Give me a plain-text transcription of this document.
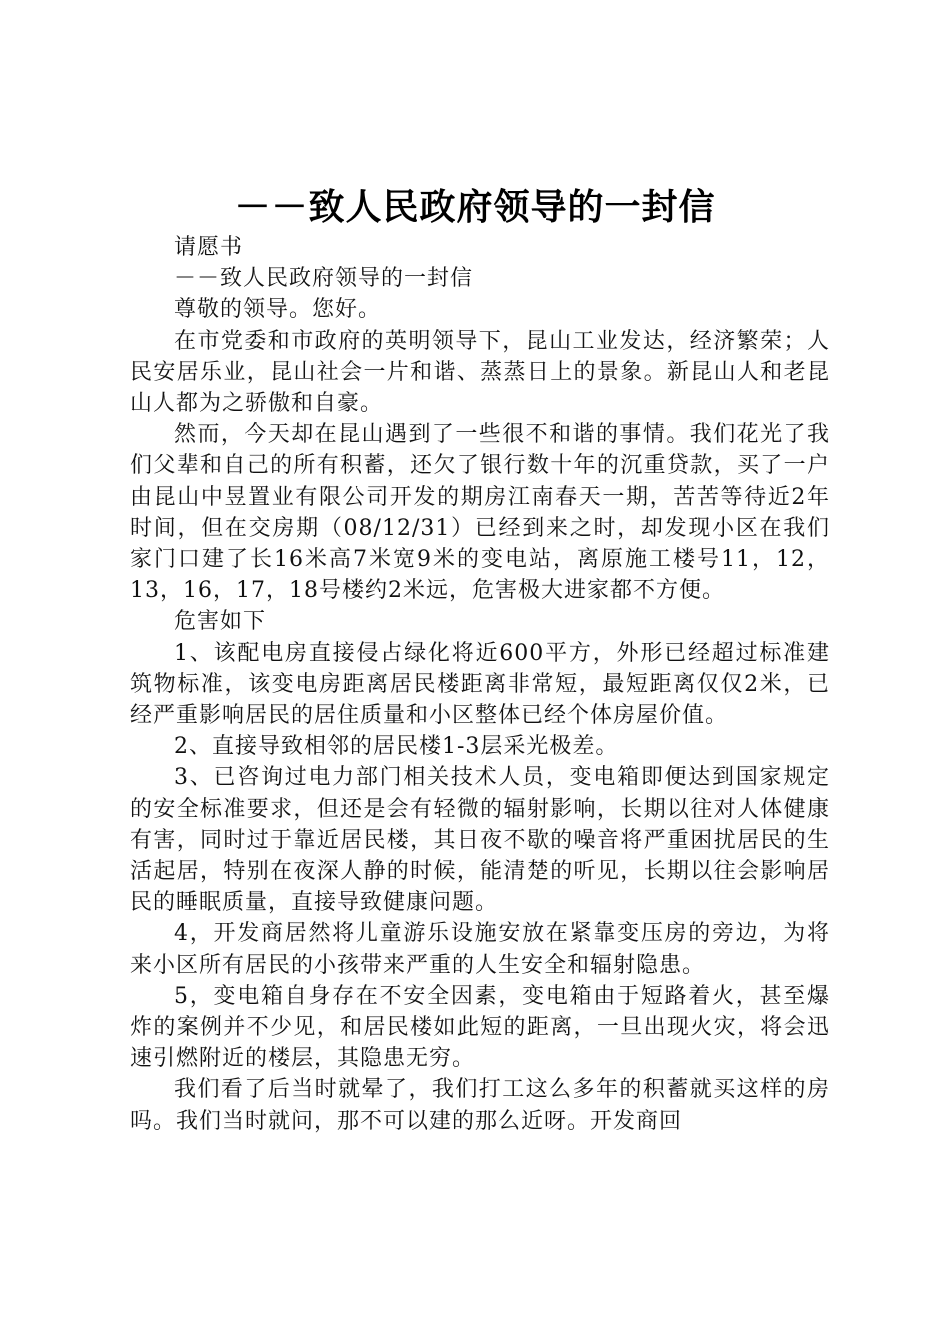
－－致人民政府领导的一封信

请愿书

－－致人民政府领导的一封信

尊敬的领导。您好。

在市党委和市政府的英明领导下，昆山工业发达，经济繁荣；人民安居乐业，昆山社会一片和谐、蒸蒸日上的景象。新昆山人和老昆山人都为之骄傲和自豪。

然而，今天却在昆山遇到了一些很不和谐的事情。我们花光了我们父辈和自己的所有积蓄，还欠了银行数十年的沉重贷款，买了一户由昆山中昱置业有限公司开发的期房江南春天一期，苦苦等待近2年时间，但在交房期（08/12/31）已经到来之时，却发现小区在我们家门口建了长16米高7米宽9米的变电站，离原施工楼号11，12，13，16，17，18号楼约2米远，危害极大进家都不方便。

危害如下

1、该配电房直接侵占绿化将近600平方，外形已经超过标准建筑物标准，该变电房距离居民楼距离非常短，最短距离仅仅2米，已经严重影响居民的居住质量和小区整体已经个体房屋价值。

2、直接导致相邻的居民楼1-3层采光极差。

3、已咨询过电力部门相关技术人员，变电箱即便达到国家规定的安全标准要求，但还是会有轻微的辐射影响，长期以往对人体健康有害，同时过于靠近居民楼，其日夜不歇的噪音将严重困扰居民的生活起居，特别在夜深人静的时候，能清楚的听见，长期以往会影响居民的睡眠质量，直接导致健康问题。

4，开发商居然将儿童游乐设施安放在紧靠变压房的旁边，为将来小区所有居民的小孩带来严重的人生安全和辐射隐患。

5，变电箱自身存在不安全因素，变电箱由于短路着火，甚至爆炸的案例并不少见，和居民楼如此短的距离，一旦出现火灾，将会迅速引燃附近的楼层，其隐患无穷。

我们看了后当时就晕了，我们打工这么多年的积蓄就买这样的房吗。我们当时就问，那不可以建的那么近呀。开发商回
